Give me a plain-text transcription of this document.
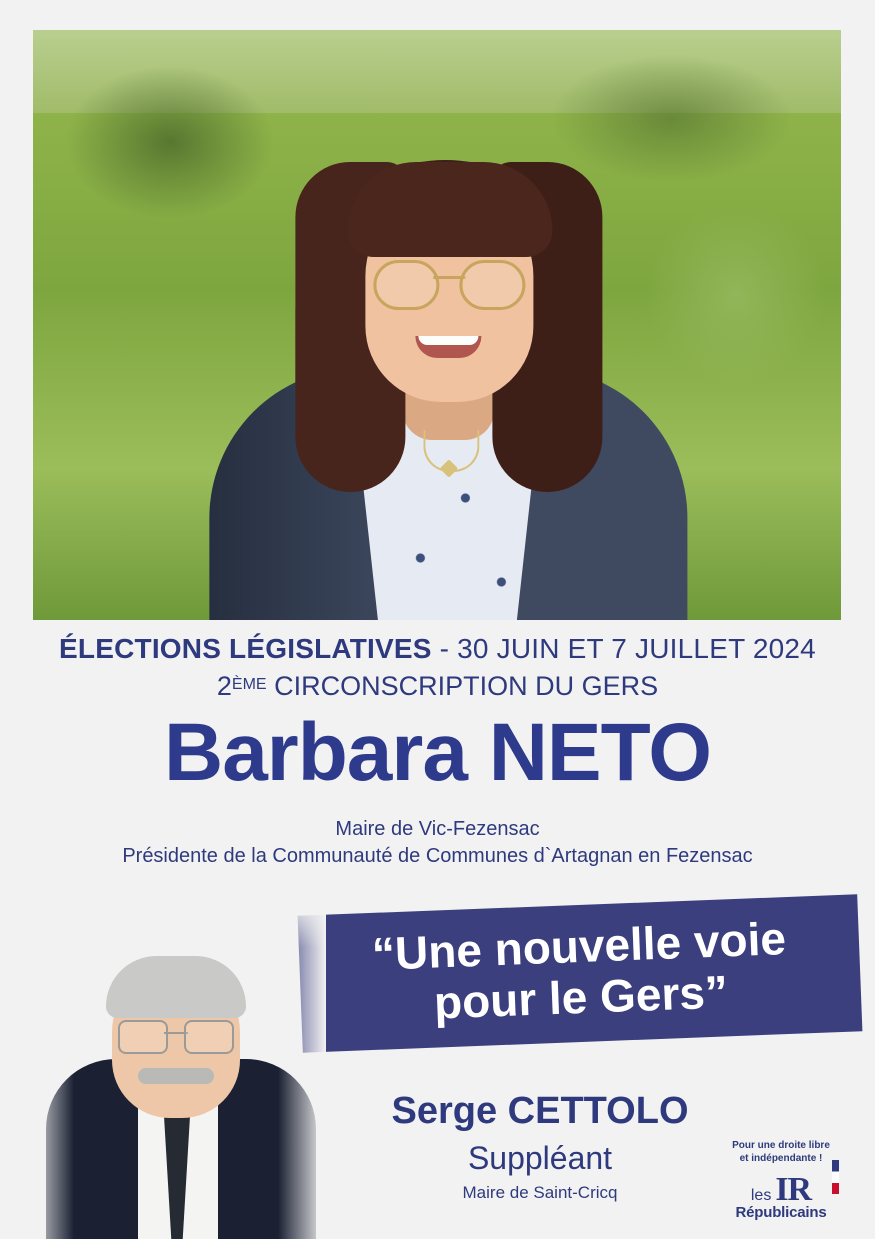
ÉLECTIONS LÉGISLATIVES - 30 JUIN ET 7 JUILLET 2024
2ÈME CIRCONSCRIPTION DU GERS
Barbara NETO
Maire de Vic-Fezensac
Présidente de la Communauté de Communes d`Artagnan en Fezensac
“Une nouvelle voie pour le Gers”
Serge CETTOLO
Suppléant
Maire de Saint-Cricq
Pour une droite libre
et indépendante !
les IR
Républicains
